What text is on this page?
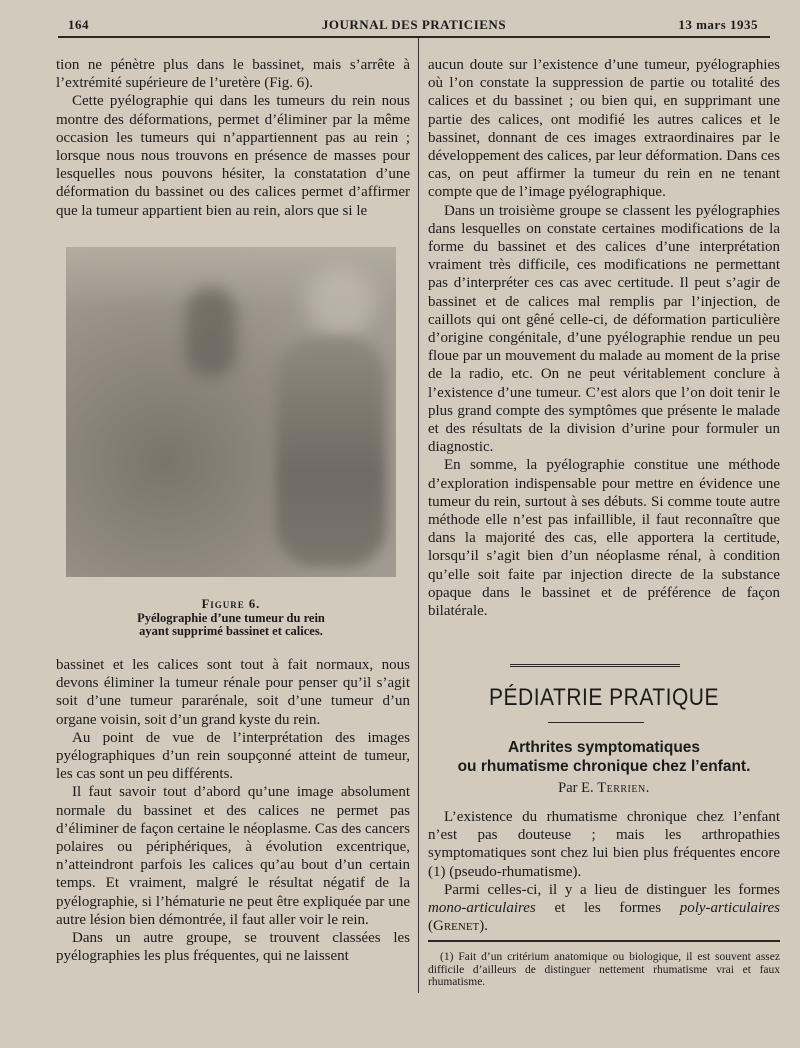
164	JOURNAL DES PRATICIENS	13 mars 1935

tion ne pénètre plus dans le bassinet, mais s’arrête à l’extrémité supérieure de l’uretère (Fig. 6).

Cette pyélographie qui dans les tumeurs du rein nous montre des déformations, permet d’éliminer par la même occasion les tumeurs qui n’appartiennent pas au rein ; lorsque nous nous trouvons en présence de masses pour lesquelles nous pouvons hésiter, la constatation d’une déformation du bassinet ou des calices permet d’affirmer que la tumeur appartient bien au rein, alors que si le

Figure 6.
Pyélographie d’une tumeur du rein
ayant supprimé bassinet et calices.

bassinet et les calices sont tout à fait normaux, nous devons éliminer la tumeur rénale pour penser qu’il s’agit soit d’une tumeur pararénale, soit d’une tumeur d’un organe voisin, soit d’un grand kyste du rein.

Au point de vue de l’interprétation des images pyélographiques d’un rein soupçonné atteint de tumeur, les cas sont un peu différents.

Il faut savoir tout d’abord qu’une image absolument normale du bassinet et des calices ne permet pas d’éliminer de façon certaine le néoplasme. Cas des cancers polaires ou périphériques, à évolution excentrique, n’atteindront parfois les calices qu’au bout d’un certain temps. Et vraiment, malgré le résultat négatif de la pyélographie, si l’hématurie ne peut être expliquée par une autre lésion bien démontrée, il faut aller voir le rein.

Dans un autre groupe, se trouvent classées les pyélographies les plus fréquentes, qui ne laissent

aucun doute sur l’existence d’une tumeur, pyélographies où l’on constate la suppression de partie ou totalité des calices et du bassinet ; ou bien qui, en supprimant une partie des calices, ont modifié les autres calices et le bassinet, donnant de ces images extraordinaires par le développement des calices, par leur déformation. Dans ces cas, on peut affirmer la tumeur du rein en ne tenant compte que de l’image pyélographique.

Dans un troisième groupe se classent les pyélographies dans lesquelles on constate certaines modifications de la forme du bassinet et des calices d’une interprétation vraiment très difficile, ces modifications ne permettant pas d’interpréter ces cas avec certitude. Il peut s’agir de bassinet et de calices mal remplis par l’injection, de caillots qui ont gêné celle-ci, de déformation particulière d’origine congénitale, d’une pyélographie rendue un peu floue par un mouvement du malade au moment de la prise de la radio, etc. On ne peut véritablement conclure à l’existence d’une tumeur. C’est alors que l’on doit tenir le plus grand compte des symptômes que présente le malade et des résultats de la division d’urine pour formuler un diagnostic.

En somme, la pyélographie constitue une méthode d’exploration indispensable pour mettre en évidence une tumeur du rein, surtout à ses débuts. Si comme toute autre méthode elle n’est pas infaillible, il faut reconnaître que dans la majorité des cas, elle apportera la certitude, lorsqu’il s’agit bien d’un néoplasme rénal, à condition qu’elle soit faite par injection directe de la substance opaque dans le bassinet et de préférence de façon bilatérale.

PÉDIATRIE PRATIQUE
Arthrites symptomatiques
ou rhumatisme chronique chez l’enfant.
Par E. Terrien.

L’existence du rhumatisme chronique chez l’enfant n’est pas douteuse ; mais les arthropathies symptomatiques sont chez lui bien plus fréquentes encore (1) (pseudo-rhumatisme).

Parmi celles-ci, il y a lieu de distinguer les formes mono-articulaires et les formes poly-articulaires (Grenet).

(1) Fait d’un critérium anatomique ou biologique, il est souvent assez difficile d’ailleurs de distinguer nettement rhumatisme vrai et faux rhumatisme.
